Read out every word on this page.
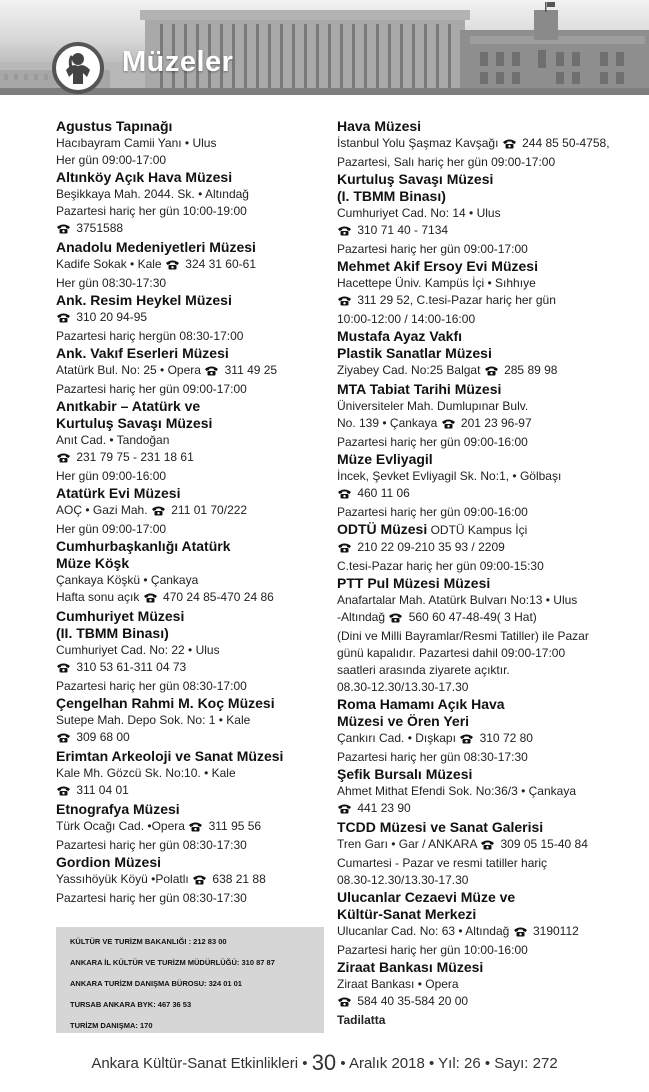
Müzeler
Agustus Tapınağı
Hacıbayram Camii Yanı • Ulus
Her gün 09:00-17:00
Altınköy Açık Hava Müzesi
Beşikkaya Mah. 2044. Sk. • Altındağ
Pazartesi hariç her gün 10:00-19:00
3751588
Anadolu Medeniyetleri Müzesi
Kadife Sokak • Kale  324 31 60-61
Her gün 08:30-17:30
Ank. Resim Heykel Müzesi
310 20 94-95
Pazartesi hariç hergün 08:30-17:00
Ank. Vakıf Eserleri Müzesi
Atatürk Bul. No: 25 • Opera  311 49 25
Pazartesi hariç her gün 09:00-17:00
Anıtkabir – Atatürk ve
Kurtuluş Savaşı Müzesi
Anıt Cad. • Tandoğan
231 79 75 - 231 18 61
Her gün 09:00-16:00
Atatürk Evi Müzesi
AOÇ • Gazi Mah.  211 01 70/222
Her gün 09:00-17:00
Cumhurbaşkanlığı Atatürk
Müze Köşk
Çankaya Köşkü • Çankaya
Hafta sonu açık  470 24 85-470 24 86
Cumhuriyet Müzesi
(II. TBMM Binası)
Cumhuriyet Cad. No: 22 • Ulus
310 53 61-311 04 73
Pazartesi hariç her gün 08:30-17:00
Çengelhan Rahmi M. Koç Müzesi
Sutepe Mah. Depo Sok. No: 1 • Kale
309 68 00
Erimtan Arkeoloji ve Sanat Müzesi
Kale Mh. Gözcü Sk. No:10. • Kale
311 04 01
Etnografya Müzesi
Türk Ocağı Cad. •Opera  311 95 56
Pazartesi hariç her gün 08:30-17:30
Gordion Müzesi
Yassıhöyük Köyü •Polatlı  638 21 88
Pazartesi hariç her gün 08:30-17:30
Hava Müzesi
İstanbul Yolu Şaşmaz Kavşağı  244 85 50-4758,
Pazartesi, Salı hariç her gün 09:00-17:00
Kurtuluş Savaşı Müzesi
(I. TBMM Binası)
Cumhuriyet Cad. No: 14 • Ulus
310 71 40 - 7134
Pazartesi hariç her gün 09:00-17:00
Mehmet Akif Ersoy Evi Müzesi
Hacettepe Üniv. Kampüs İçi • Sıhhıye
311 29 52, C.tesi-Pazar hariç her gün
10:00-12:00 / 14:00-16:00
Mustafa Ayaz Vakfı
Plastik Sanatlar Müzesi
Ziyabey Cad. No:25 Balgat  285 89 98
MTA Tabiat Tarihi Müzesi
Üniversiteler Mah. Dumlupınar Bulv.
No. 139 • Çankaya  201 23 96-97
Pazartesi hariç her gün 09:00-16:00
Müze Evliyagil
İncek, Şevket Evliyagil Sk. No:1, • Gölbaşı
460 11 06
Pazartesi hariç her gün 09:00-16:00
ODTÜ Müzesi ODTÜ Kampus İçi
210 22 09-210 35 93 / 2209
C.tesi-Pazar hariç her gün 09:00-15:30
PTT Pul Müzesi Müzesi
Anafartalar Mah. Atatürk Bulvarı No:13 • Ulus
-Altındağ  560 60 47-48-49( 3 Hat)
(Dini ve Milli Bayramlar/Resmi Tatiller) ile Pazar
günü kapalıdır. Pazartesi dahil 09:00-17:00
saatleri arasında ziyarete açıktır.
08.30-12.30/13.30-17.30
Roma Hamamı Açık Hava
Müzesi ve Ören Yeri
Çankırı Cad. • Dışkapı  310 72 80
Pazartesi hariç her gün 08:30-17:30
Şefik Bursalı Müzesi
Ahmet Mithat Efendi Sok. No:36/3 • Çankaya
441 23 90
TCDD Müzesi ve Sanat Galerisi
Tren Garı • Gar / ANKARA  309 05 15-40 84
Cumartesi - Pazar ve resmi tatiller hariç
08.30-12.30/13.30-17.30
Ulucanlar Cezaevi Müze ve
Kültür-Sanat Merkezi
Ulucanlar Cad. No: 63 • Altındağ  3190112
Pazartesi hariç her gün 10:00-16:00
Ziraat Bankası Müzesi
Ziraat Bankası • Opera
584 40 35-584 20 00
Tadilatta
KÜLTÜR VE TURİZM BAKANLIĞI : 212 83 00
ANKARA İL KÜLTÜR VE TURİZM MÜDÜRLÜĞÜ: 310 87 87
ANKARA TURİZM DANIŞMA BÜROSU: 324 01 01
TURSAB ANKARA BYK: 467 36 53
TURİZM DANIŞMA: 170
Ankara Kültür-Sanat Etkinlikleri • 30 • Aralık 2018 • Yıl: 26 • Sayı: 272
